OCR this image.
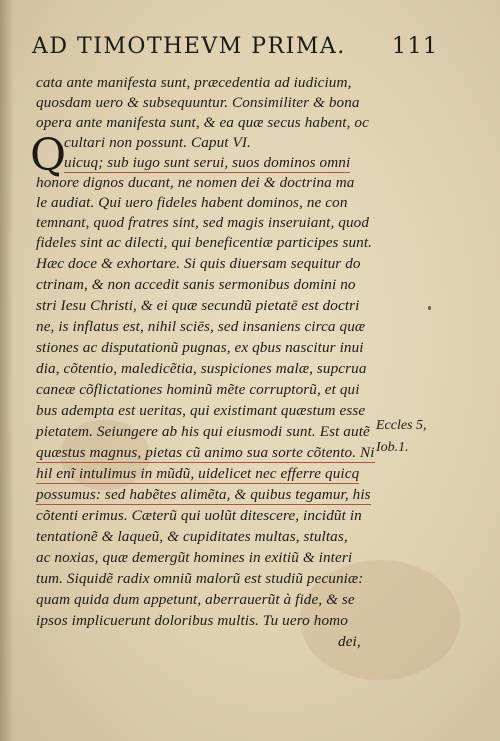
AD TIMOTHEVM PRIMA. 111
Q
cata ante manifesta sunt, præcedentia ad iudicium,
quosdam uero & subsequuntur. Consimiliter & bona
opera ante manifesta sunt, & ea quæ secus habent, oc
cultari non possunt. Caput VI.
uicuq; sub iugo sunt serui, suos dominos omni
honore dignos ducant, ne nomen dei & doctrina ma
le audiat. Qui uero fideles habent dominos, ne con
temnant, quod fratres sint, sed magis inseruiant, quod
fideles sint ac dilecti, qui beneficentiæ participes sunt.
Hæc doce & exhortare. Si quis diuersam sequitur do
ctrinam, & non accedit sanis sermonibus domini no
stri Iesu Christi, & ei quæ secundũ pietatē est doctri
ne, is inflatus est, nihil sciēs, sed insaniens circa quæ
stiones ac disputationũ pugnas, ex qbus nascitur inui
dia, cõtentio, maledicẽtia, suspiciones malæ, supcrua
caneæ cõflictationes hominũ mẽte corruptorũ, et qui
bus adempta est ueritas, qui existimant quæstum esse
pietatem. Seiungere ab his qui eiusmodi sunt. Est autẽ
quæstus magnus, pietas cũ animo sua sorte cõtento. Ni
hil enĩ intulimus in mũdũ, uidelicet nec efferre quicq
possumus: sed habẽtes alimẽta, & quibus tegamur, his
cõtenti erimus. Cæterũ qui uolũt ditescere, incidũt in
tentationẽ & laqueũ, & cupiditates multas, stultas,
ac noxias, quæ demergũt homines in exitiũ & interi
tum. Siquidẽ radix omniũ malorũ est studiũ pecuniæ:
quam quida dum appetunt, aberrauerũt à fide, & se
ipsos implicuerunt doloribus multis. Tu uero homo
dei,
Eccles 5,
Iob.1.
